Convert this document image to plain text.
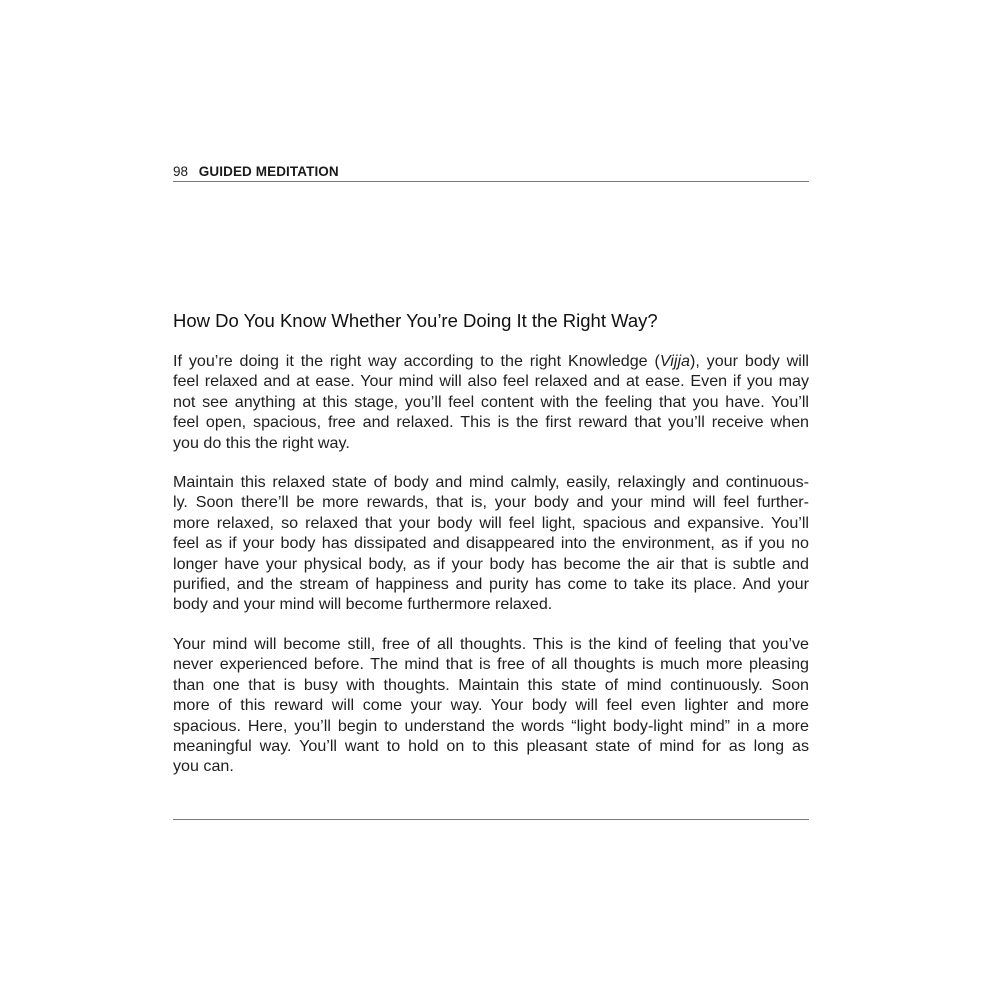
98 GUIDED MEDITATION
How Do You Know Whether You’re Doing It the Right Way?

If you’re doing it the right way according to the right Knowledge (Vijja), your body will
feel relaxed and at ease. Your mind will also feel relaxed and at ease. Even if you may
not see anything at this stage, you’ll feel content with the feeling that you have. You’ll
feel open, spacious, free and relaxed. This is the first reward that you’ll receive when
you do this the right way.

Maintain this relaxed state of body and mind calmly, easily, relaxingly and continuous-
ly. Soon there’ll be more rewards, that is, your body and your mind will feel further-
more relaxed, so relaxed that your body will feel light, spacious and expansive. You’ll
feel as if your body has dissipated and disappeared into the environment, as if you no
longer have your physical body, as if your body has become the air that is subtle and
purified, and the stream of happiness and purity has come to take its place. And your
body and your mind will become furthermore relaxed.

Your mind will become still, free of all thoughts. This is the kind of feeling that you’ve
never experienced before. The mind that is free of all thoughts is much more pleasing
than one that is busy with thoughts. Maintain this state of mind continuously. Soon
more of this reward will come your way. Your body will feel even lighter and more
spacious. Here, you’ll begin to understand the words “light body-light mind” in a more
meaningful way. You’ll want to hold on to this pleasant state of mind for as long as
you can.
